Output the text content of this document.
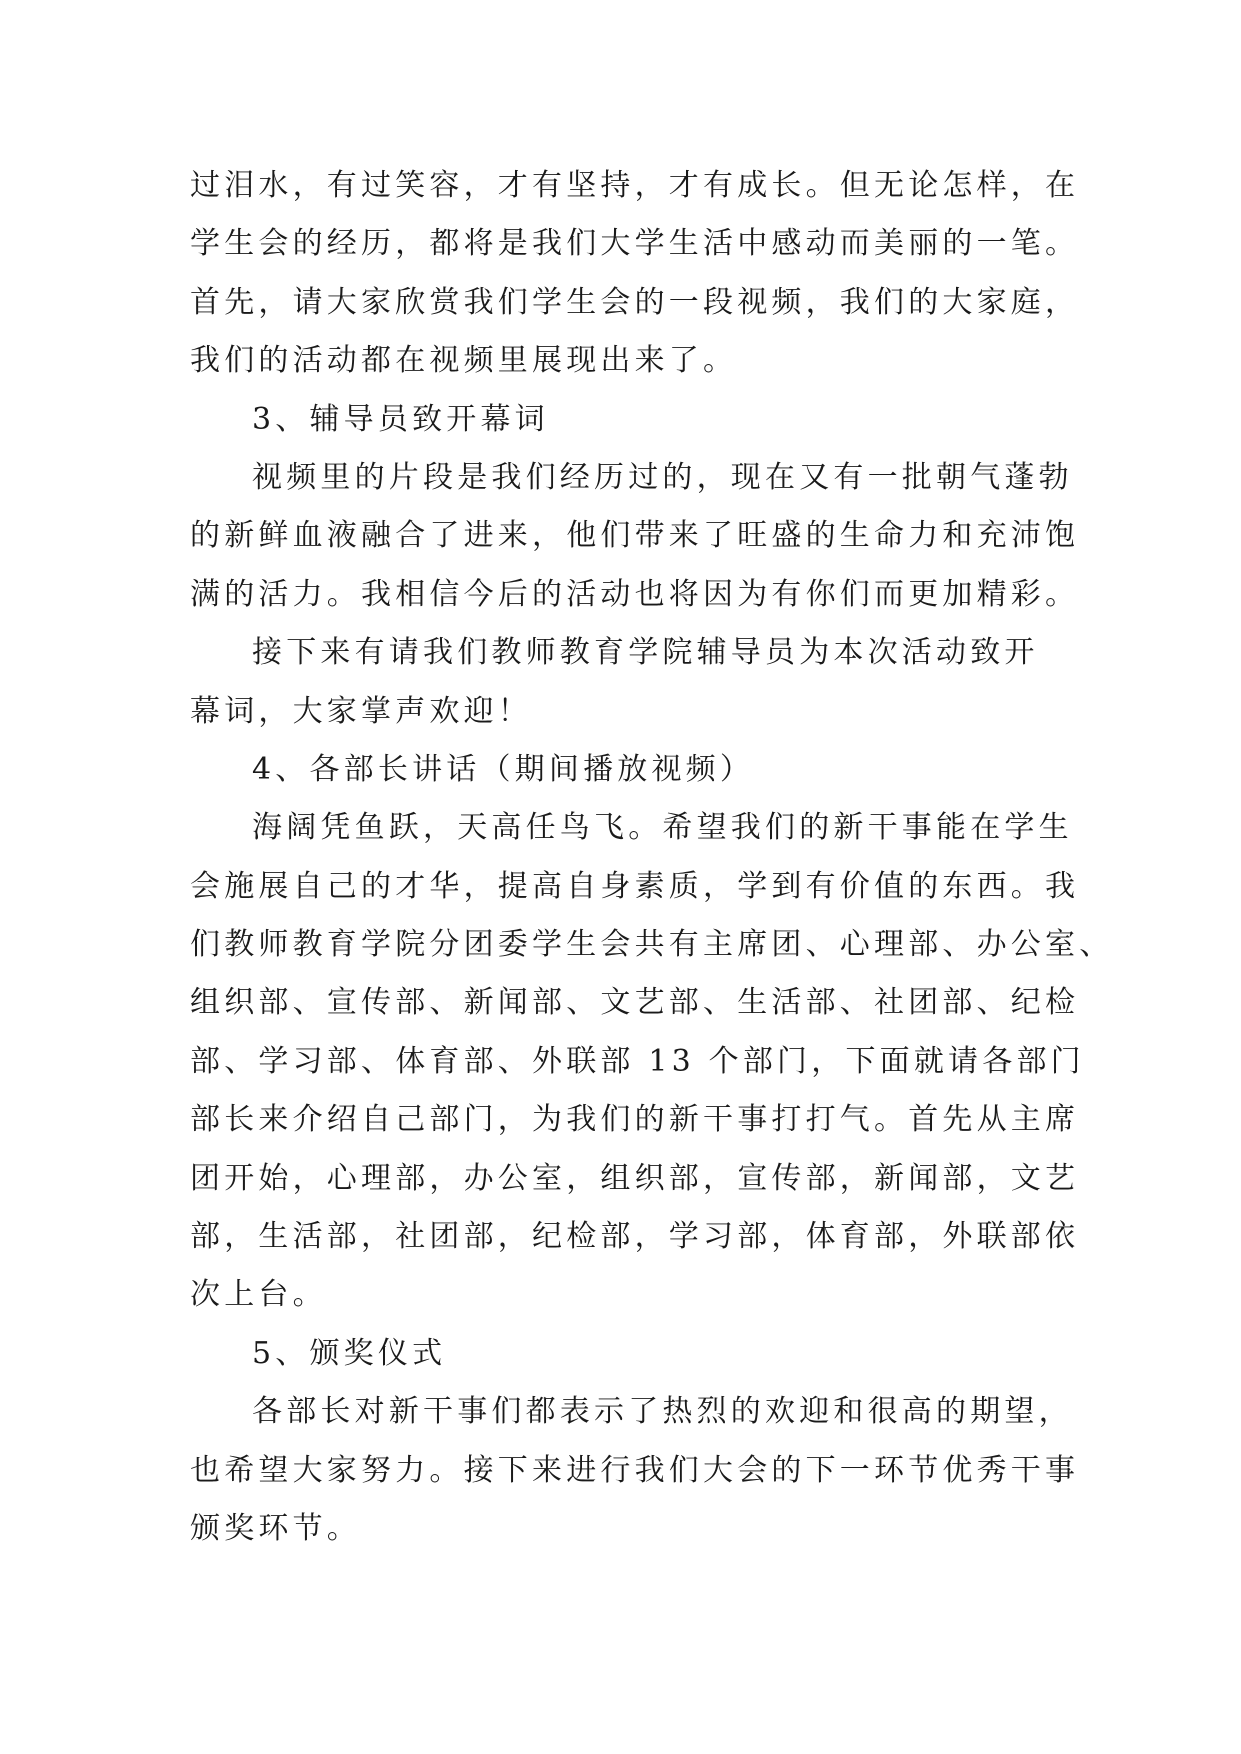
过泪水，有过笑容，才有坚持，才有成长。但无论怎样，在
学生会的经历，都将是我们大学生活中感动而美丽的一笔。
首先，请大家欣赏我们学生会的一段视频，我们的大家庭，
我们的活动都在视频里展现出来了。
3、辅导员致开幕词
视频里的片段是我们经历过的，现在又有一批朝气蓬勃
的新鲜血液融合了进来，他们带来了旺盛的生命力和充沛饱
满的活力。我相信今后的活动也将因为有你们而更加精彩。
接下来有请我们教师教育学院辅导员为本次活动致开
幕词，大家掌声欢迎！
4、各部长讲话（期间播放视频）
海阔凭鱼跃，天高任鸟飞。希望我们的新干事能在学生
会施展自己的才华，提高自身素质，学到有价值的东西。我
们教师教育学院分团委学生会共有主席团、心理部、办公室、
组织部、宣传部、新闻部、文艺部、生活部、社团部、纪检
部、学习部、体育部、外联部 13 个部门，下面就请各部门
部长来介绍自己部门，为我们的新干事打打气。首先从主席
团开始，心理部，办公室，组织部，宣传部，新闻部，文艺
部，生活部，社团部，纪检部，学习部，体育部，外联部依
次上台。
5、颁奖仪式
各部长对新干事们都表示了热烈的欢迎和很高的期望，
也希望大家努力。接下来进行我们大会的下一环节优秀干事
颁奖环节。
